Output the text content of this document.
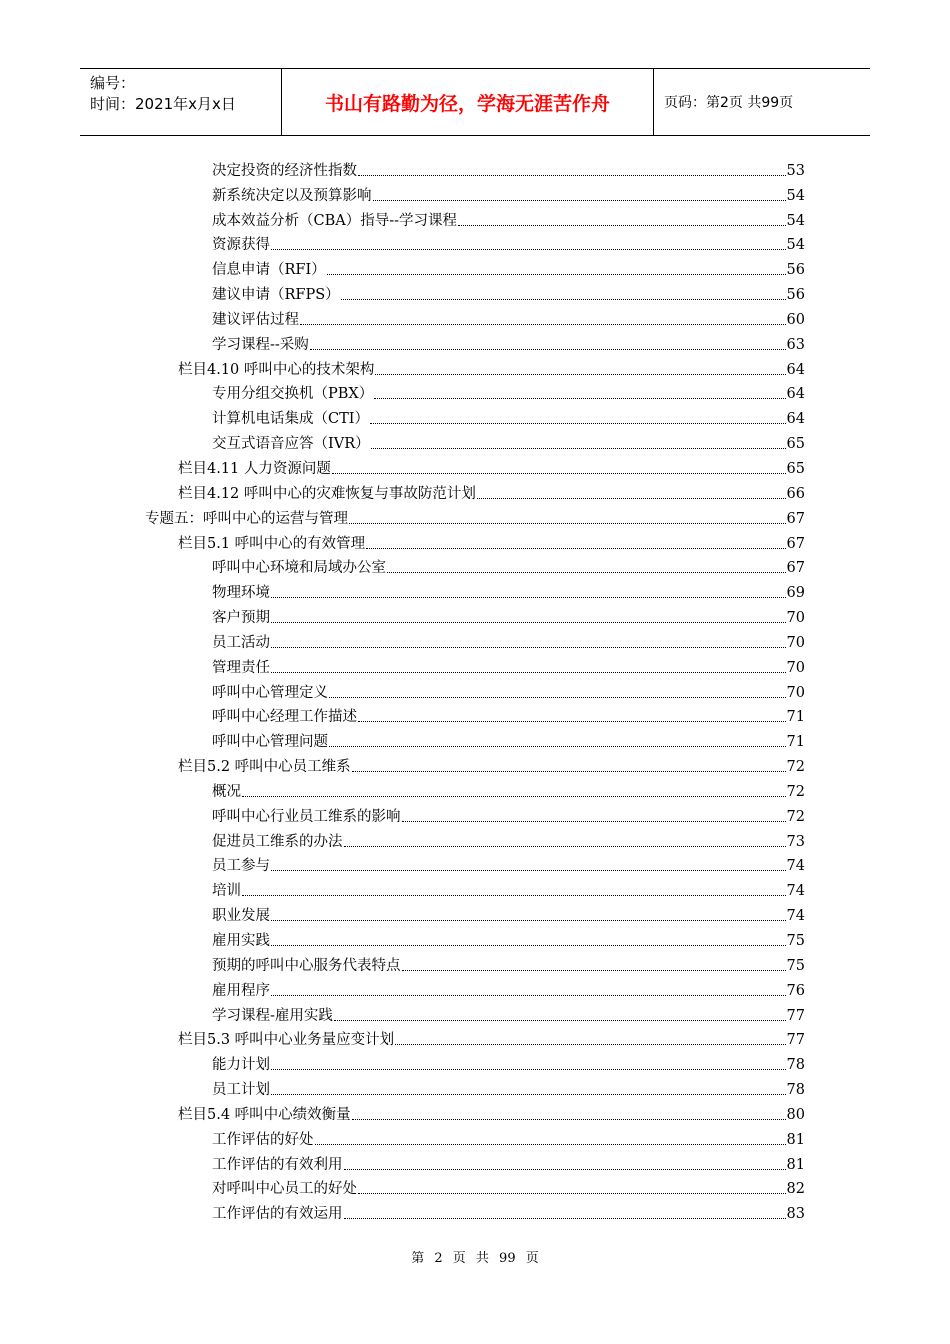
编号：
时间：2021年x月x日	书山有路勤为径，学海无涯苦作舟	页码：第2页 共99页
决定投资的经济性指数	53
新系统决定以及预算影响	54
成本效益分析（CBA）指导--学习课程	54
资源获得	54
信息申请（RFI）	56
建议申请（RFPS）	56
建议评估过程	60
学习课程--采购	63
栏目4.10 呼叫中心的技术架构	64
专用分组交换机（PBX）	64
计算机电话集成（CTI）	64
交互式语音应答（IVR）	65
栏目4.11 人力资源问题	65
栏目4.12 呼叫中心的灾难恢复与事故防范计划	66
专题五：呼叫中心的运营与管理	67
栏目5.1 呼叫中心的有效管理	67
呼叫中心环境和局域办公室	67
物理环境	69
客户预期	70
员工活动	70
管理责任	70
呼叫中心管理定义	70
呼叫中心经理工作描述	71
呼叫中心管理问题	71
栏目5.2 呼叫中心员工维系	72
概况	72
呼叫中心行业员工维系的影响	72
促进员工维系的办法	73
员工参与	74
培训	74
职业发展	74
雇用实践	75
预期的呼叫中心服务代表特点	75
雇用程序	76
学习课程-雇用实践	77
栏目5.3 呼叫中心业务量应变计划	77
能力计划	78
员工计划	78
栏目5.4 呼叫中心绩效衡量	80
工作评估的好处	81
工作评估的有效利用	81
对呼叫中心员工的好处	82
工作评估的有效运用	83
第 2 页 共 99 页
